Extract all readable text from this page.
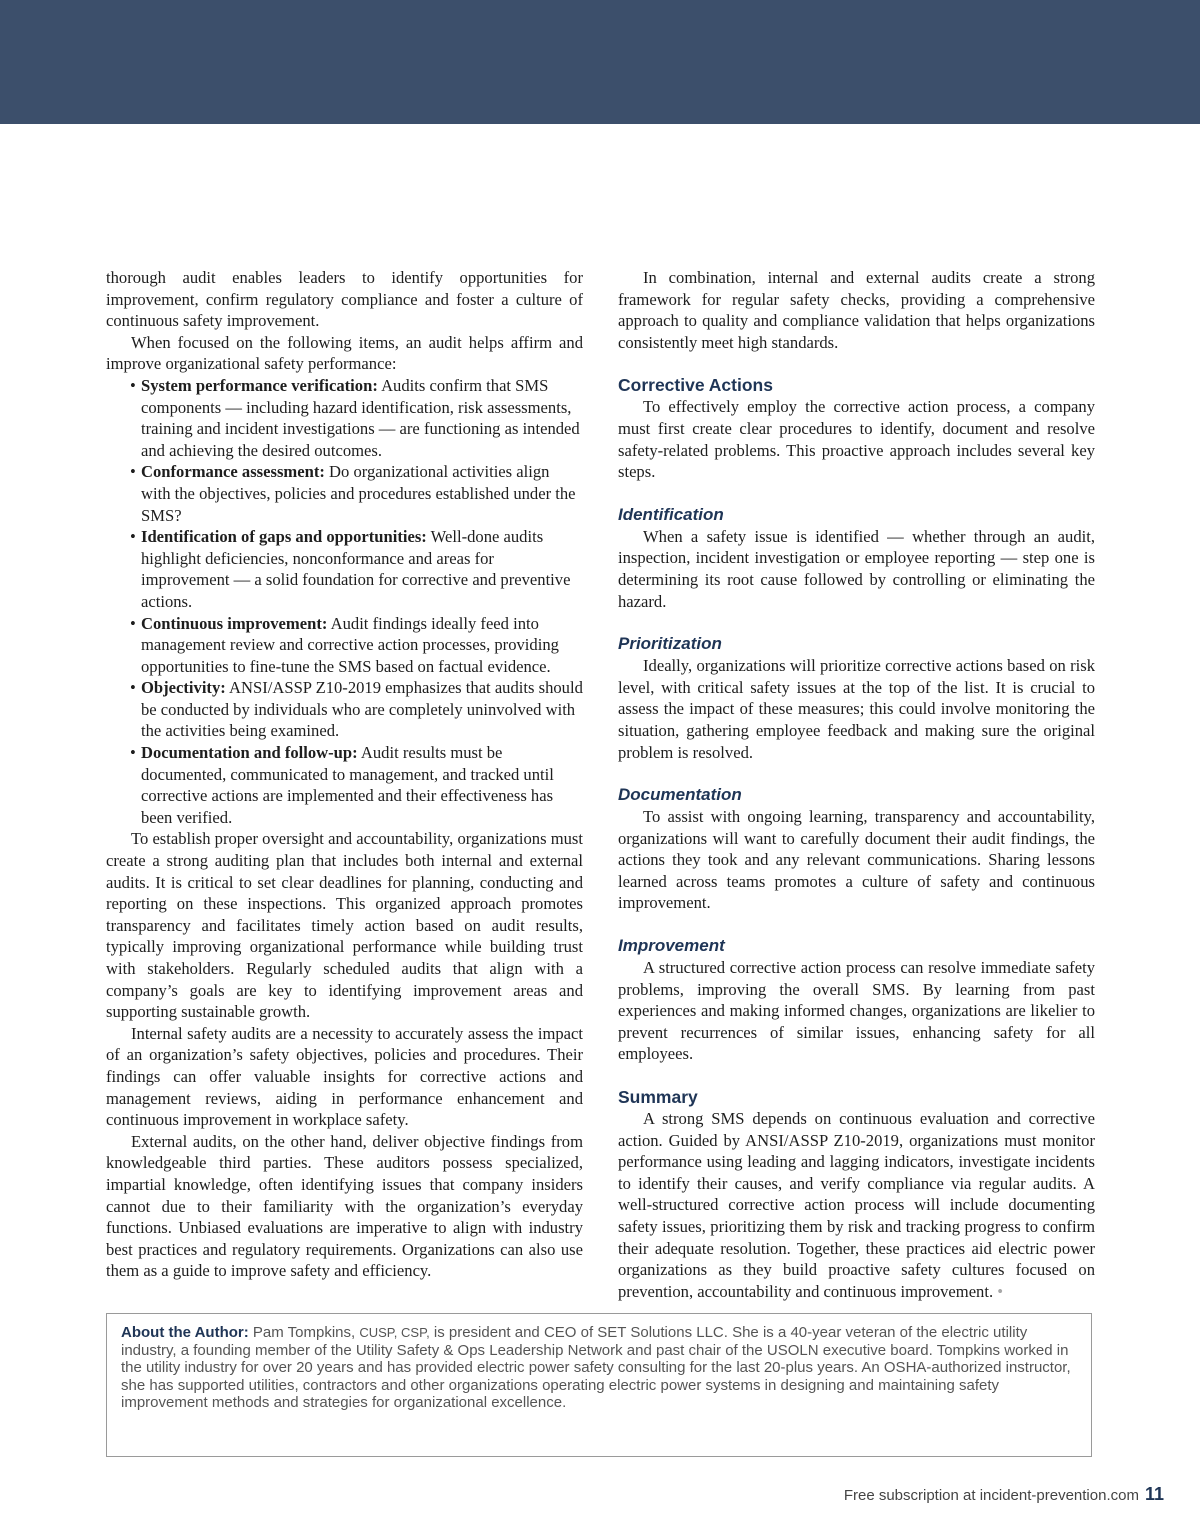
thorough audit enables leaders to identify opportunities for improvement, confirm regulatory compliance and foster a culture of continuous safety improvement.

When focused on the following items, an audit helps affirm and improve organizational safety performance:

• System performance verification: Audits confirm that SMS components — including hazard identification, risk assessments, training and incident investigations — are functioning as intended and achieving the desired outcomes.
• Conformance assessment: Do organizational activities align with the objectives, policies and procedures established under the SMS?
• Identification of gaps and opportunities: Well-done audits highlight deficiencies, nonconformance and areas for improvement — a solid foundation for corrective and preventive actions.
• Continuous improvement: Audit findings ideally feed into management review and corrective action processes, providing opportunities to fine-tune the SMS based on factual evidence.
• Objectivity: ANSI/ASSP Z10-2019 emphasizes that audits should be conducted by individuals who are completely uninvolved with the activities being examined.
• Documentation and follow-up: Audit results must be documented, communicated to management, and tracked until corrective actions are implemented and their effectiveness has been verified.

To establish proper oversight and accountability, organizations must create a strong auditing plan that includes both internal and external audits. It is critical to set clear deadlines for planning, conducting and reporting on these inspections. This organized approach promotes transparency and facilitates timely action based on audit results, typically improving organizational performance while building trust with stakeholders. Regularly scheduled audits that align with a company’s goals are key to identifying improvement areas and supporting sustainable growth.

Internal safety audits are a necessity to accurately assess the impact of an organization’s safety objectives, policies and procedures. Their findings can offer valuable insights for corrective actions and management reviews, aiding in performance enhancement and continuous improvement in workplace safety.

External audits, on the other hand, deliver objective findings from knowledgeable third parties. These auditors possess specialized, impartial knowledge, often identifying issues that company insiders cannot due to their familiarity with the organization’s everyday functions. Unbiased evaluations are imperative to align with industry best practices and regulatory requirements. Organizations can also use them as a guide to improve safety and efficiency.

In combination, internal and external audits create a strong framework for regular safety checks, providing a comprehensive approach to quality and compliance validation that helps organizations consistently meet high standards.

Corrective Actions

To effectively employ the corrective action process, a company must first create clear procedures to identify, document and resolve safety-related problems. This proactive approach includes several key steps.

Identification

When a safety issue is identified — whether through an audit, inspection, incident investigation or employee reporting — step one is determining its root cause followed by controlling or eliminating the hazard.

Prioritization

Ideally, organizations will prioritize corrective actions based on risk level, with critical safety issues at the top of the list. It is crucial to assess the impact of these measures; this could involve monitoring the situation, gathering employee feedback and making sure the original problem is resolved.

Documentation

To assist with ongoing learning, transparency and accountability, organizations will want to carefully document their audit findings, the actions they took and any relevant communications. Sharing lessons learned across teams promotes a culture of safety and continuous improvement.

Improvement

A structured corrective action process can resolve immediate safety problems, improving the overall SMS. By learning from past experiences and making informed changes, organizations are likelier to prevent recurrences of similar issues, enhancing safety for all employees.

Summary

A strong SMS depends on continuous evaluation and corrective action. Guided by ANSI/ASSP Z10-2019, organizations must monitor performance using leading and lagging indicators, investigate incidents to identify their causes, and verify compliance via regular audits. A well-structured corrective action process will include documenting safety issues, prioritizing them by risk and tracking progress to confirm their adequate resolution. Together, these practices aid electric power organizations as they build proactive safety cultures focused on prevention, accountability and continuous improvement. •

About the Author: Pam Tompkins, CUSP, CSP, is president and CEO of SET Solutions LLC. She is a 40-year veteran of the electric utility industry, a founding member of the Utility Safety & Ops Leadership Network and past chair of the USOLN executive board. Tompkins worked in the utility industry for over 20 years and has provided electric power safety consulting for the last 20-plus years. An OSHA-authorized instructor, she has supported utilities, contractors and other organizations operating electric power systems in designing and maintaining safety improvement methods and strategies for organizational excellence.
Free subscription at incident-prevention.com 11
